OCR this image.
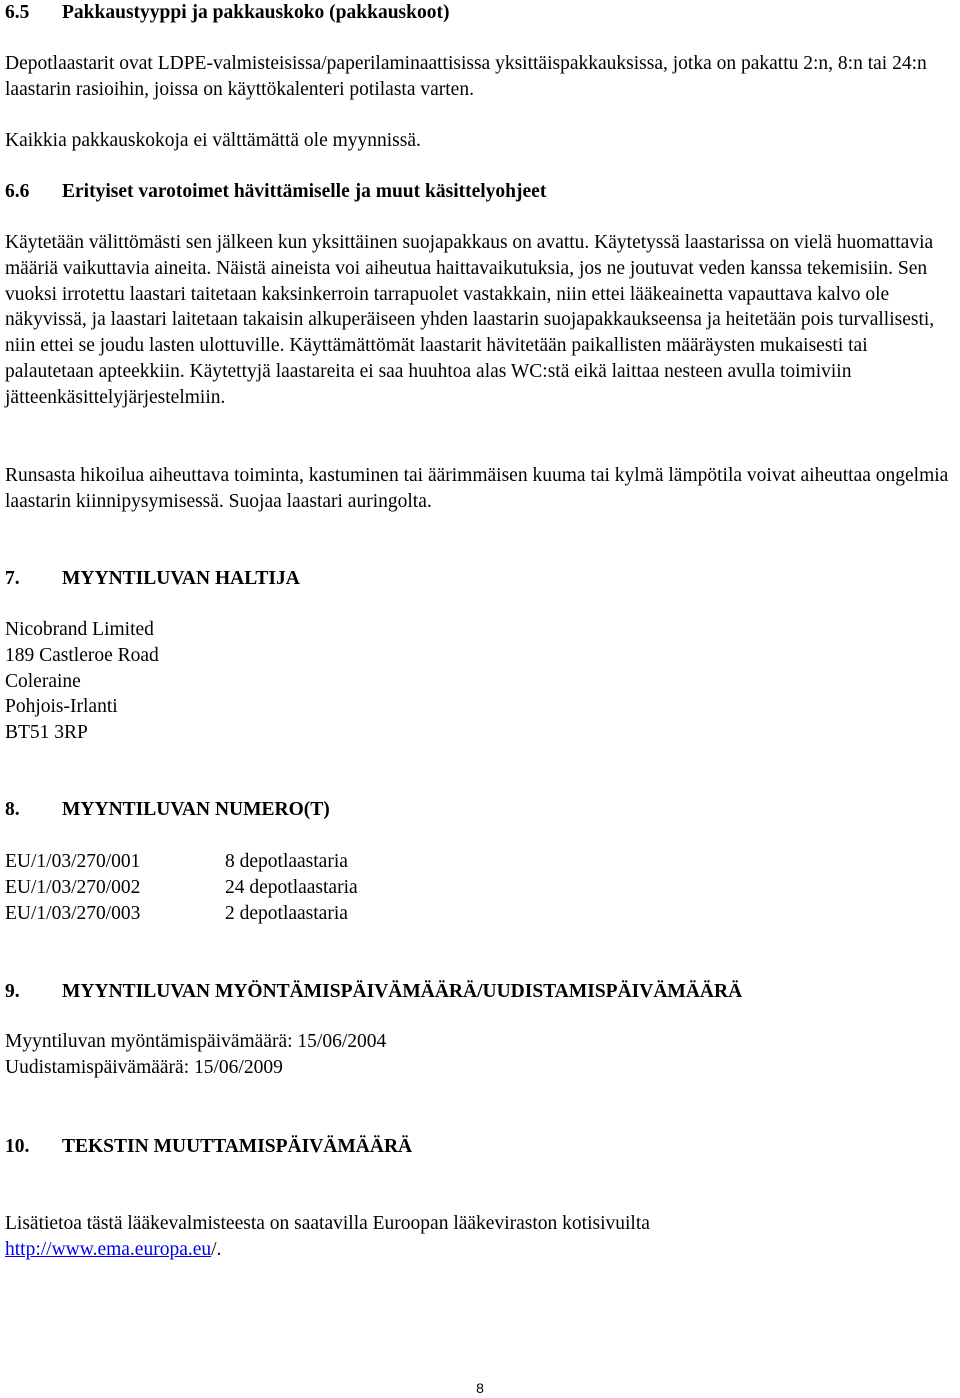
6.5	Pakkaustyyppi ja pakkauskoko (pakkauskoot)

Depotlaastarit ovat LDPE-valmisteisissa/paperilaminaattisissa yksittäispakkauksissa, jotka on pakattu 2:n, 8:n tai 24:n laastarin rasioihin, joissa on käyttökalenteri potilasta varten.

Kaikkia pakkauskokoja ei välttämättä ole myynnissä.

6.6	Erityiset varotoimet hävittämiselle ja muut käsittelyohjeet

Käytetään välittömästi sen jälkeen kun yksittäinen suojapakkaus on avattu. Käytetyssä laastarissa on vielä huomattavia määriä vaikuttavia aineita. Näistä aineista voi aiheutua haittavaikutuksia, jos ne joutuvat veden kanssa tekemisiin. Sen vuoksi irrotettu laastari taitetaan kaksinkerroin tarrapuolet vastakkain, niin ettei lääkeainetta vapauttava kalvo ole näkyvissä, ja laastari laitetaan takaisin alkuperäiseen yhden laastarin suojapakkaukseensa ja heitetään pois turvallisesti, niin ettei se joudu lasten ulottuville. Käyttämättömät laastarit hävitetään paikallisten määräysten mukaisesti tai palautetaan apteekkiin. Käytettyjä laastareita ei saa huuhtoa alas WC:stä eikä laittaa nesteen avulla toimiviin jätteenkäsittelyjärjestelmiin.

Runsasta hikoilua aiheuttava toiminta, kastuminen tai äärimmäisen kuuma tai kylmä lämpötila voivat aiheuttaa ongelmia laastarin kiinnipysymisessä. Suojaa laastari auringolta.

7.	MYYNTILUVAN HALTIJA
Nicobrand Limited
189 Castleroe Road
Coleraine
Pohjois-Irlanti
BT51 3RP
8.	MYYNTILUVAN NUMERO(T)
EU/1/03/270/001	8 depotlaastaria
EU/1/03/270/002	24 depotlaastaria
EU/1/03/270/003	2 depotlaastaria
9.	MYYNTILUVAN MYÖNTÄMISPÄIVÄMÄÄRÄ/UUDISTAMISPÄIVÄMÄÄRÄ
Myyntiluvan myöntämispäivämäärä: 15/06/2004
Uudistamispäivämäärä: 15/06/2009
10.	TEKSTIN MUUTTAMISPÄIVÄMÄÄRÄ
Lisätietoa tästä lääkevalmisteesta on saatavilla Euroopan lääkeviraston kotisivuilta
http://www.ema.europa.eu/.
8
